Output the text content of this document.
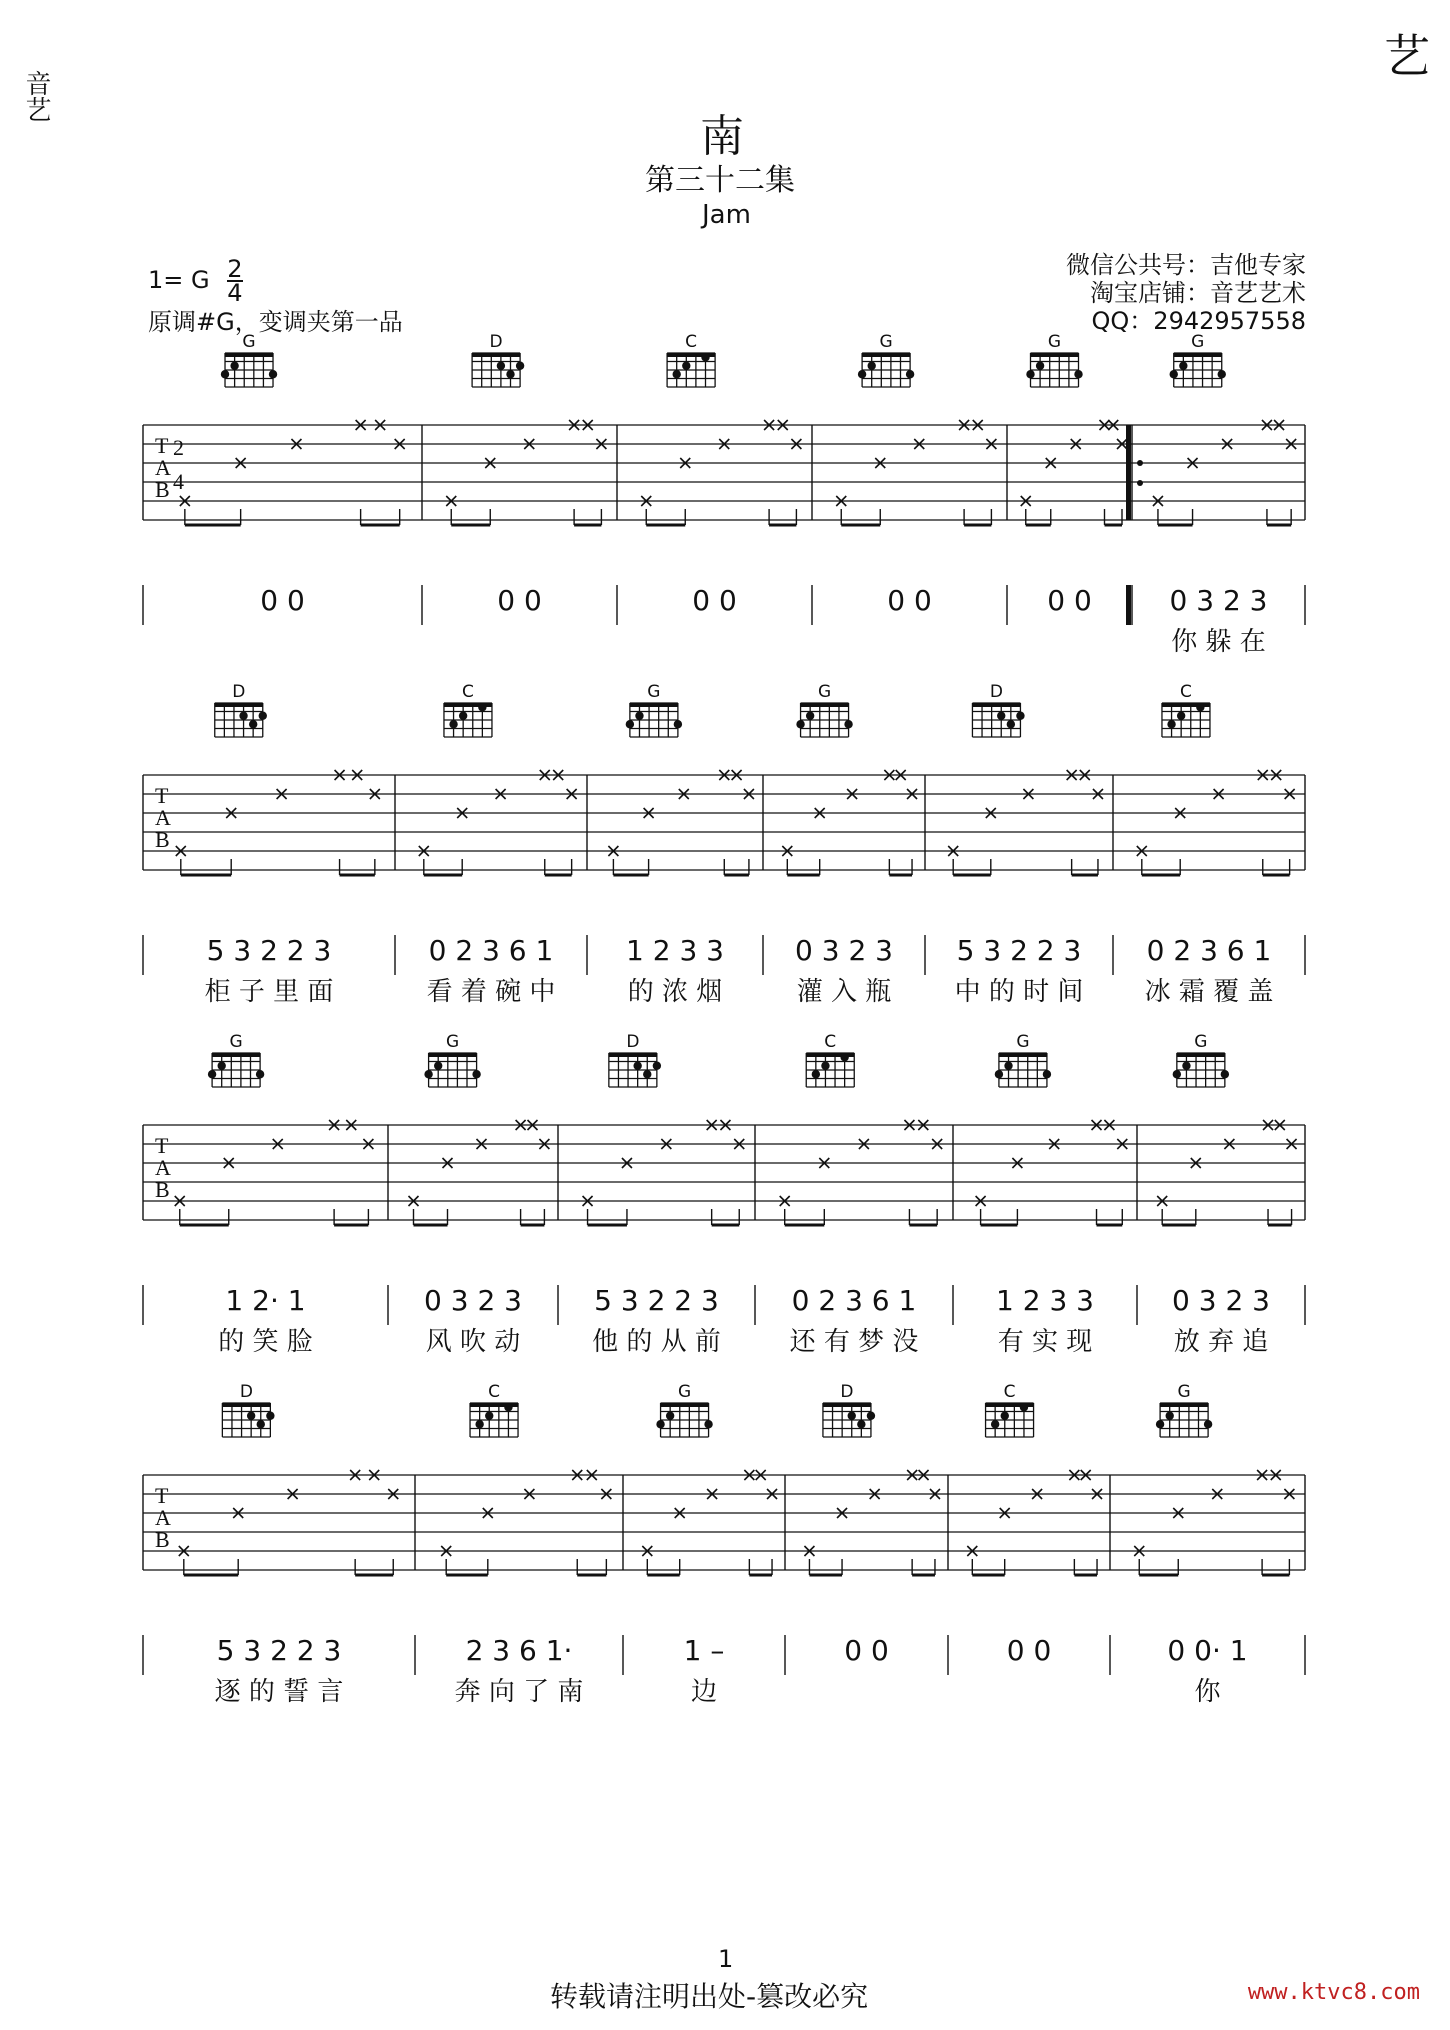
音艺
艺
南
第三十二集
Jam
1= G $\frac{2}{4}$
原调#G，变调夹第一品
微信公共号：吉他专家
淘宝店铺：音艺艺术
QQ：2942957558
T
A
B
2
4
G
0 0
D
0 0
C
0 0
G
0 0
G
0 0
G
0 3 2 3
你 躲 在
T
A
B
D
5 3 2 2 3
柜 子 里 面
C
0 2 3 6 1
看 着 碗 中
G
1 2 3 3
的 浓 烟
G
0 3 2 3
灌 入 瓶
D
5 3 2 2 3
中 的 时 间
C
0 2 3 6 1
冰 霜 覆 盖
T
A
B
G
1 2· 1
的 笑 脸
G
0 3 2 3
风 吹 动
D
5 3 2 2 3
他 的 从 前
C
0 2 3 6 1
还 有 梦 没
G
1 2 3 3
有 实 现
G
0 3 2 3
放 弃 追
T
A
B
D
5 3 2 2 3
逐 的 誓 言
C
2 3 6 1·
奔 向 了 南
G
1 –
边
D
0 0
C
0 0
G
0 0· 1
你
1
转载请注明出处-篡改必究	www.ktvc8.com
